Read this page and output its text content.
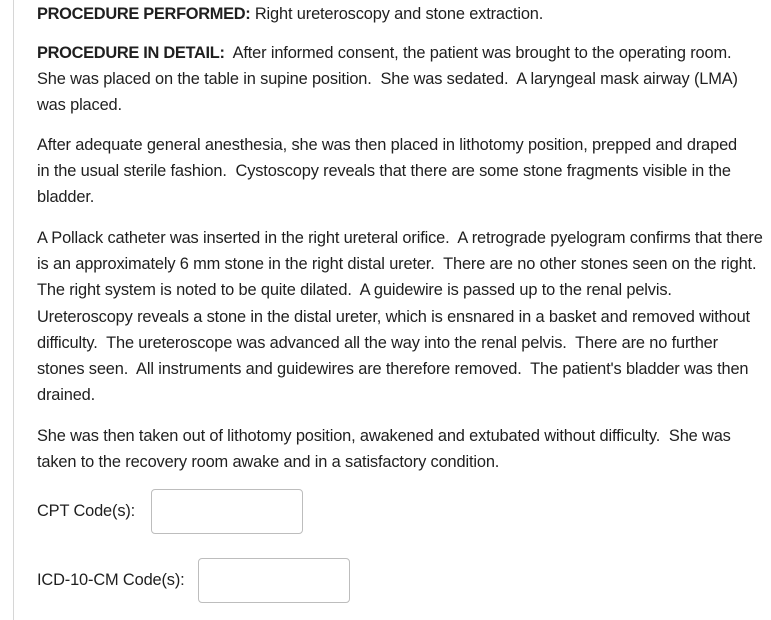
PROCEDURE PERFORMED: Right ureteroscopy and stone extraction.

PROCEDURE IN DETAIL: After informed consent, the patient was brought to the operating room.  She was placed on the table in supine position.  She was sedated.  A laryngeal mask airway (LMA) was placed.

After adequate general anesthesia, she was then placed in lithotomy position, prepped and draped in the usual sterile fashion.  Cystoscopy reveals that there are some stone fragments visible in the bladder.

A Pollack catheter was inserted in the right ureteral orifice.  A retrograde pyelogram confirms that there is an approximately 6 mm stone in the right distal ureter.  There are no other stones seen on the right.  The right system is noted to be quite dilated.  A guidewire is passed up to the renal pelvis.   Ureteroscopy reveals a stone in the distal ureter, which is ensnared in a basket and removed without difficulty.  The ureteroscope was advanced all the way into the renal pelvis.  There are no further stones seen.  All instruments and guidewires are therefore removed.  The patient's bladder was then drained.

She was then taken out of lithotomy position, awakened and extubated without difficulty.  She was taken to the recovery room awake and in a satisfactory condition.

CPT Code(s):
ICD-10-CM Code(s):
